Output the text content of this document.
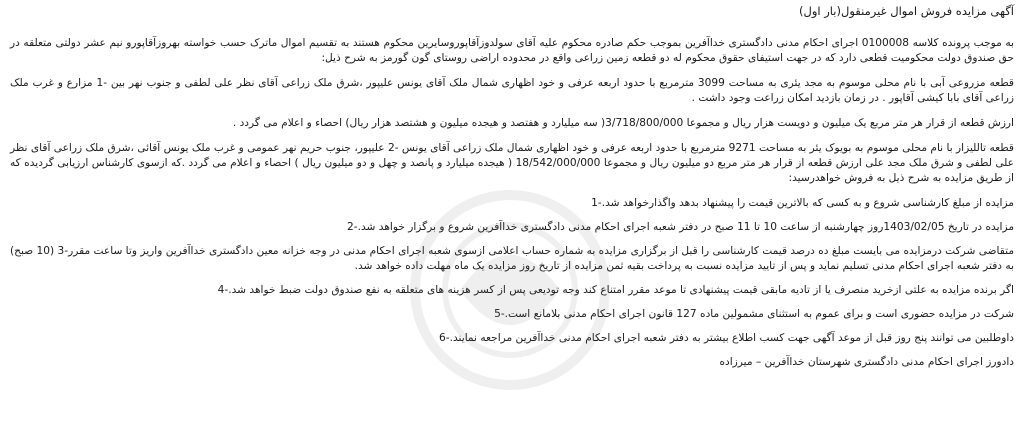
آگهی مزایده فروش اموال غیرمنقول(بار اول)
به موجب پرونده کلاسه 0100008 اجرای احکام مدنی دادگستری خداآفرین بموجب حکم صادره محکوم علیه آقای سولدوزآقاپوروسایرین محکوم هستند به تقسیم اموال ماترک حسب خواسته بهروزآقاپورو نیم عشر دولتی متعلقه در حق صندوق دولت محکومیت قطعی دارد که در جهت استیفای حقوق محکوم له دو قطعه زمین زراعی واقع در محدوده اراضی روستای گون گورمز به شرح ذیل:
قطعه مزروعی آبی با نام محلی موسوم به مجد یئری به مساحت 3099 مترمربع با حدود اربعه عرفی و خود اظهاری شمال ملک آقای یونس علیپور ،شرق ملک زراعی آقای نظر علی لطفی و جنوب نهر بین -1 مزارع و غرب ملک زراعی آقای بابا کیشی آقاپور . در زمان بازدید امکان زراعت وجود داشت .
ارزش قطعه از قرار هر متر مربع یک میلیون و دویست هزار ریال و مجموعا 3/718/800/000( سه میلیارد و هفتصد و هیجده میلیون و هشتصد هزار ریال) احصاء و اعلام می گردد .
قطعه تاللیزار با نام محلی موسوم به بویوک یئر به مساحت 9271 مترمربع با حدود اربعه عرفی و خود اظهاری شمال ملک زراعی آقای یونس -2 علیپور، جنوب حریم نهر عمومی و غرب ملک یونس آقائی ،شرق ملک زراعی آقای نظر علی لطفی و شرق ملک مجد علی ارزش قطعه از قرار هر متر مربع دو میلیون ریال و مجموعا 18/542/000/000 ( هیجده میلیارد و پانصد و چهل و دو میلیون ریال ) احصاء و اعلام می گردد .که ازسوی کارشناس ارزیابی گردیده که از طریق مزایده به شرح ذیل به فروش خواهدرسید:
مزایده از مبلغ کارشناسی شروع و به کسی که بالاترین قیمت را پیشنهاد بدهد واگذارخواهد شد.-1
مزایده در تاریخ 1403/02/05روز چهارشنبه از ساعت 10 تا 11 صبح در دفتر شعبه اجرای احکام مدنی دادگستری خداآفرین شروع و برگزار خواهد شد.-2
متقاضی شرکت درمزایده می بایست مبلغ ده درصد قیمت کارشناسی را قبل از برگزاری مزایده به شماره حساب اعلامی ازسوی شعبه اجرای احکام مدنی در وجه خزانه معین دادگستری خداآفرین واریز وتا ساعت مقرر-3 (10 صبح) به دفتر شعبه اجرای احکام مدنی تسلیم نماید و پس از تایید مزایده نسبت به پرداخت بقیه ثمن مزایده از تاریخ روز مزایده یک ماه مهلت داده خواهد شد.
اگر برنده مزایده به علتی ازخرید منصرف یا از تادیه مابقی قیمت پیشنهادی تا موعد مقرر امتناع کند وجه تودیعی پس از کسر هزینه های متعلقه به نفع صندوق دولت ضبط خواهد شد.-4
شرکت در مزایده حضوری است و برای عموم به استثنای مشمولین ماده 127 قانون اجرای احکام مدنی بلامانع است.-5
داوطلبین می توانند پنج روز قبل از موعد آگهی جهت کسب اطلاع بیشتر به دفتر شعبه اجرای احکام مدنی خداآفرین مراجعه نمایند.-6
دادورز اجرای احکام مدنی دادگستری شهرستان خداآفرین – میرزاده
